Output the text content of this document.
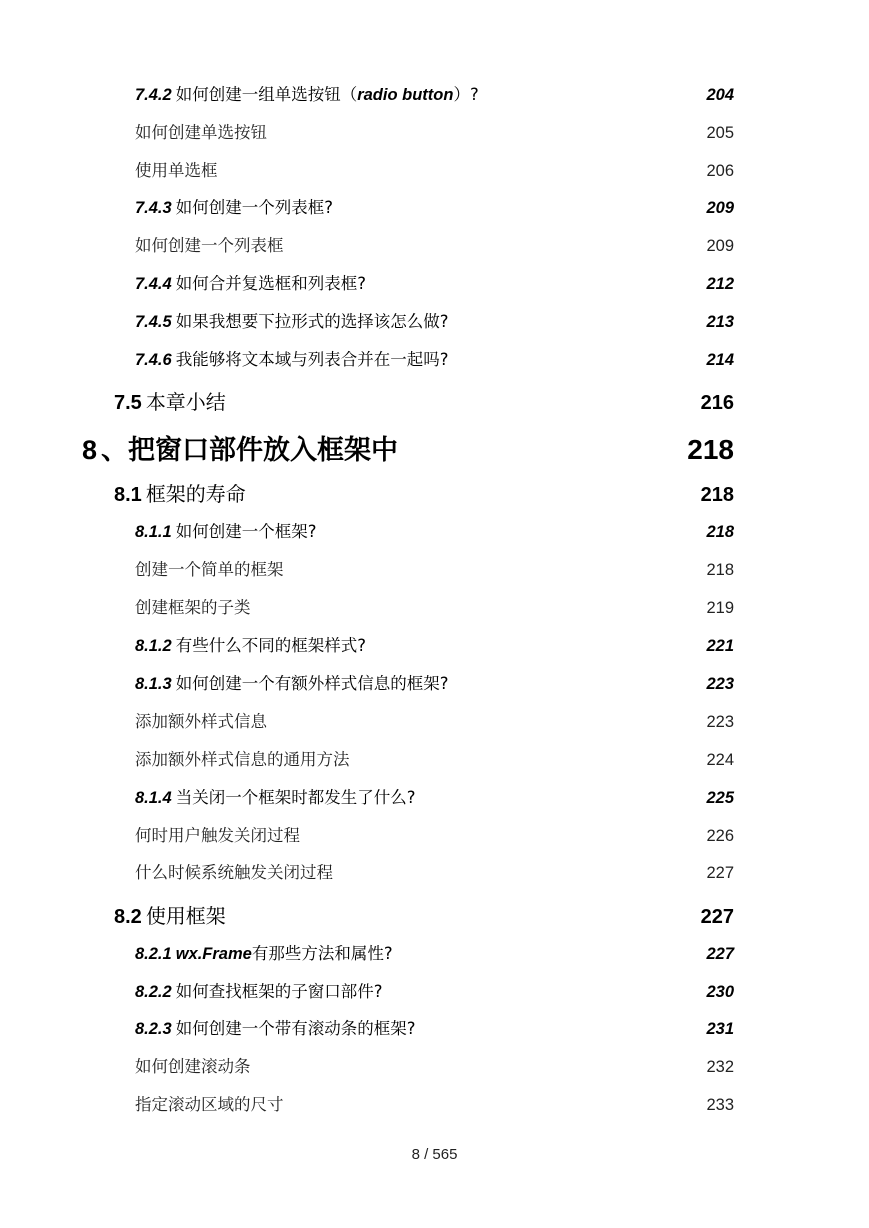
7.4.2 如何创建一组单选按钮（radio button）?	204
如何创建单选按钮	205
使用单选框	206
7.4.3 如何创建一个列表框?	209
如何创建一个列表框	209
7.4.4 如何合并复选框和列表框?	212
7.4.5 如果我想要下拉形式的选择该怎么做?	213
7.4.6 我能够将文本域与列表合并在一起吗?	214
7.5 本章小结	216
8 、把窗口部件放入框架中	218
8.1 框架的寿命	218
8.1.1 如何创建一个框架?	218
创建一个简单的框架	218
创建框架的子类	219
8.1.2 有些什么不同的框架样式?	221
8.1.3 如何创建一个有额外样式信息的框架?	223
添加额外样式信息	223
添加额外样式信息的通用方法	224
8.1.4 当关闭一个框架时都发生了什么?	225
何时用户触发关闭过程	226
什么时候系统触发关闭过程	227
8.2 使用框架	227
8.2.1 wx.Frame有那些方法和属性?	227
8.2.2 如何查找框架的子窗口部件?	230
8.2.3 如何创建一个带有滚动条的框架?	231
如何创建滚动条	232
指定滚动区域的尺寸	233
8 / 565
